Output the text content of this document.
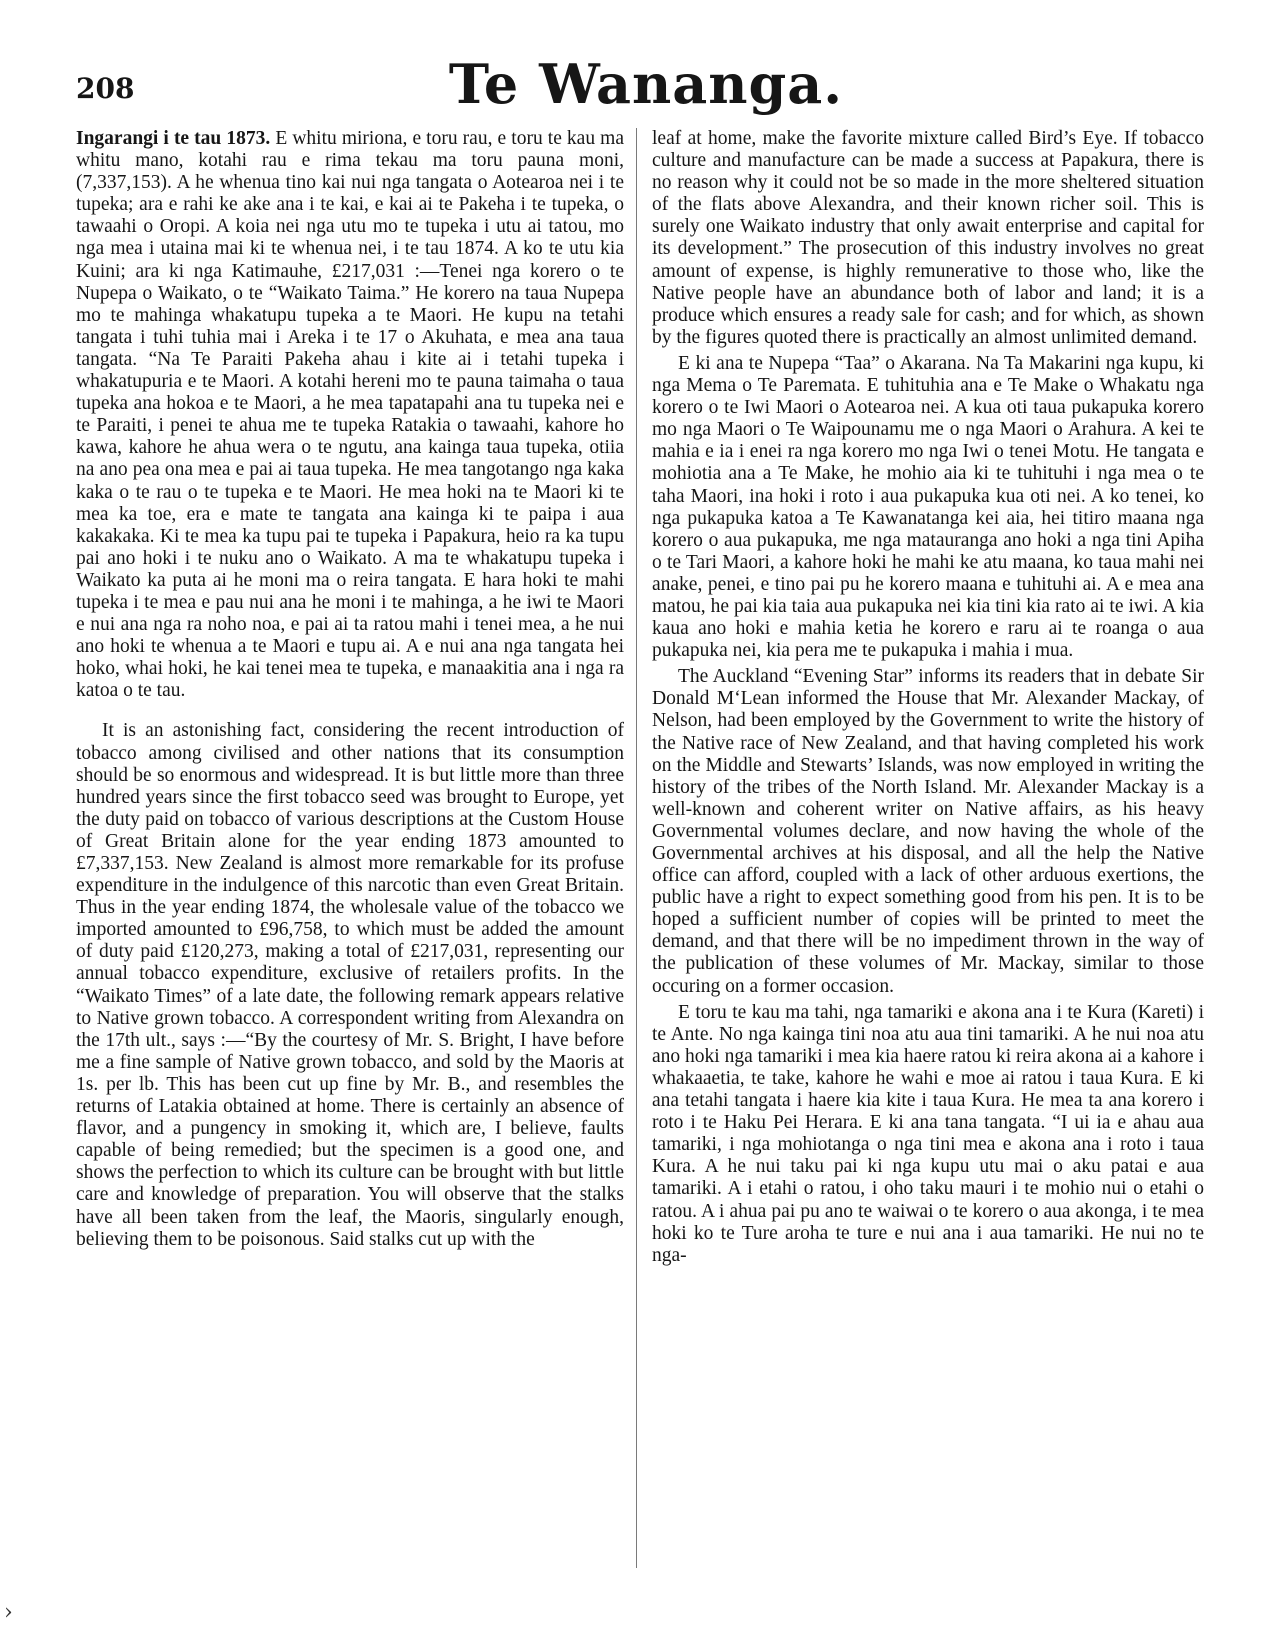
208	Te Wananga.

Ingarangi i te tau 1873. E whitu miriona, e toru rau, e toru te kau ma whitu mano, kotahi rau e rima tekau ma toru pauna moni, (7,337,153). A he whenua tino kai nui nga tangata o Aotearoa nei i te tupeka; ara e rahi ke ake ana i te kai, e kai ai te Pakeha i te tupeka, o tawaahi o Oropi. A koia nei nga utu mo te tupeka i utu ai tatou, mo nga mea i utaina mai ki te whenua nei, i te tau 1874. A ko te utu kia Kuini; ara ki nga Katimauhe, £217,031 :—Tenei nga korero o te Nupepa o Waikato, o te “Waikato Taima.” He korero na taua Nupepa mo te mahinga whakatupu tupeka a te Maori. He kupu na tetahi tangata i tuhi tuhia mai i Areka i te 17 o Akuhata, e mea ana taua tangata. “Na Te Paraiti Pakeha ahau i kite ai i tetahi tupeka i whakatupuria e te Maori. A kotahi hereni mo te pauna taimaha o taua tupeka ana hokoa e te Maori, a he mea tapatapahi ana tu tupeka nei e te Paraiti, i penei te ahua me te tupeka Ratakia o tawaahi, kahore ho kawa, kahore he ahua wera o te ngutu, ana kainga taua tupeka, otiia na ano pea ona mea e pai ai taua tupeka. He mea tangotango nga kaka kaka o te rau o te tupeka e te Maori. He mea hoki na te Maori ki te mea ka toe, era e mate te tangata ana kainga ki te paipa i aua kakakaka. Ki te mea ka tupu pai te tupeka i Papakura, heio ra ka tupu pai ano hoki i te nuku ano o Waikato. A ma te whakatupu tupeka i Waikato ka puta ai he moni ma o reira tangata. E hara hoki te mahi tupeka i te mea e pau nui ana he moni i te mahinga, a he iwi te Maori e nui ana nga ra noho noa, e pai ai ta ratou mahi i tenei mea, a he nui ano hoki te whenua a te Maori e tupu ai. A e nui ana nga tangata hei hoko, whai hoki, he kai tenei mea te tupeka, e manaakitia ana i nga ra katoa o te tau.

It is an astonishing fact, considering the recent introduction of tobacco among civilised and other nations that its consumption should be so enormous and widespread. It is but little more than three hundred years since the first tobacco seed was brought to Europe, yet the duty paid on tobacco of various descriptions at the Custom House of Great Britain alone for the year ending 1873 amounted to £7,337,153. New Zealand is almost more remarkable for its profuse expenditure in the indulgence of this narcotic than even Great Britain. Thus in the year ending 1874, the wholesale value of the tobacco we imported amounted to £96,758, to which must be added the amount of duty paid £120,273, making a total of £217,031, representing our annual tobacco expenditure, exclusive of retailers profits. In the “Waikato Times” of a late date, the following remark appears relative to Native grown tobacco. A correspondent writing from Alexandra on the 17th ult., says :—“By the courtesy of Mr. S. Bright, I have before me a fine sample of Native grown tobacco, and sold by the Maoris at 1s. per lb. This has been cut up fine by Mr. B., and resembles the returns of Latakia obtained at home. There is certainly an absence of flavor, and a pungency in smoking it, which are, I believe, faults capable of being remedied; but the specimen is a good one, and shows the perfection to which its culture can be brought with but little care and knowledge of preparation. You will observe that the stalks have all been taken from the leaf, the Maoris, singularly enough, believing them to be poisonous. Said stalks cut up with the

leaf at home, make the favorite mixture called Bird’s Eye. If tobacco culture and manufacture can be made a success at Papakura, there is no reason why it could not be so made in the more sheltered situation of the flats above Alexandra, and their known richer soil. This is surely one Waikato industry that only await enterprise and capital for its development.” The prosecution of this industry involves no great amount of expense, is highly remunerative to those who, like the Native people have an abundance both of labor and land; it is a produce which ensures a ready sale for cash; and for which, as shown by the figures quoted there is practically an almost unlimited demand.

E ki ana te Nupepa “Taa” o Akarana. Na Ta Makarini nga kupu, ki nga Mema o Te Paremata. E tuhituhia ana e Te Make o Whakatu nga korero o te Iwi Maori o Aotearoa nei. A kua oti taua pukapuka korero mo nga Maori o Te Waipounamu me o nga Maori o Arahura. A kei te mahia e ia i enei ra nga korero mo nga Iwi o tenei Motu. He tangata e mohiotia ana a Te Make, he mohio aia ki te tuhituhi i nga mea o te taha Maori, ina hoki i roto i aua pukapuka kua oti nei. A ko tenei, ko nga pukapuka katoa a Te Kawanatanga kei aia, hei titiro maana nga korero o aua pukapuka, me nga matauranga ano hoki a nga tini Apiha o te Tari Maori, a kahore hoki he mahi ke atu maana, ko taua mahi nei anake, penei, e tino pai pu he korero maana e tuhituhi ai. A e mea ana matou, he pai kia taia aua pukapuka nei kia tini kia rato ai te iwi. A kia kaua ano hoki e mahia ketia he korero e raru ai te roanga o aua pukapuka nei, kia pera me te pukapuka i mahia i mua.

The Auckland “Evening Star” informs its readers that in debate Sir Donald M‘Lean informed the House that Mr. Alexander Mackay, of Nelson, had been employed by the Government to write the history of the Native race of New Zealand, and that having completed his work on the Middle and Stewarts’ Islands, was now employed in writing the history of the tribes of the North Island. Mr. Alexander Mackay is a well-known and coherent writer on Native affairs, as his heavy Governmental volumes declare, and now having the whole of the Governmental archives at his disposal, and all the help the Native office can afford, coupled with a lack of other arduous exertions, the public have a right to expect something good from his pen. It is to be hoped a sufficient number of copies will be printed to meet the demand, and that there will be no impediment thrown in the way of the publication of these volumes of Mr. Mackay, similar to those occuring on a former occasion.

E toru te kau ma tahi, nga tamariki e akona ana i te Kura (Kareti) i te Ante. No nga kainga tini noa atu aua tini tamariki. A he nui noa atu ano hoki nga tamariki i mea kia haere ratou ki reira akona ai a kahore i whakaaetia, te take, kahore he wahi e moe ai ratou i taua Kura. E ki ana tetahi tangata i haere kia kite i taua Kura. He mea ta ana korero i roto i te Haku Pei Herara. E ki ana tana tangata. “I ui ia e ahau aua tamariki, i nga mohiotanga o nga tini mea e akona ana i roto i taua Kura. A he nui taku pai ki nga kupu utu mai o aku patai e aua tamariki. A i etahi o ratou, i oho taku mauri i te mohio nui o etahi o ratou. A i ahua pai pu ano te waiwai o te korero o aua akonga, i te mea hoki ko te Ture aroha te ture e nui ana i aua tamariki. He nui no te nga-

›
